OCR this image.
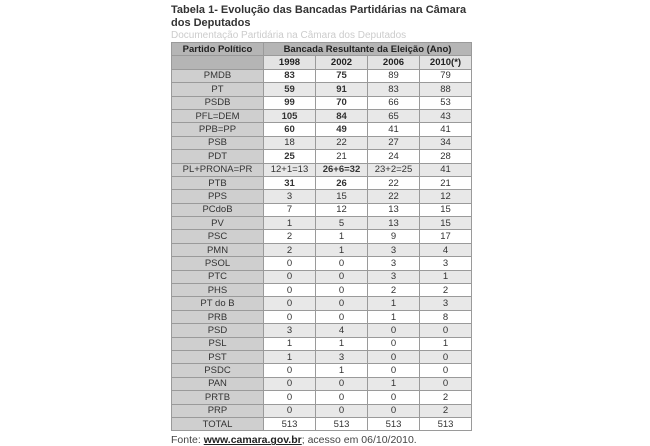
Tabela 1- Evolução das Bancadas Partidárias na Câmara dos Deputados
Documentação Partidária na Câmara dos Deputados
Partido Político	Bancada Resultante da Eleição (Ano)			
	1998	2002	2006	2010(*)
PMDB	83	75	89	79
PT	59	91	83	88
PSDB	99	70	66	53
PFL=DEM	105	84	65	43
PPB=PP	60	49	41	41
PSB	18	22	27	34
PDT	25	21	24	28
PL+PRONA=PR	12+1=13	26+6=32	23+2=25	41
PTB	31	26	22	21
PPS	3	15	22	12
PCdoB	7	12	13	15
PV	1	5	13	15
PSC	2	1	9	17
PMN	2	1	3	4
PSOL	0	0	3	3
PTC	0	0	3	1
PHS	0	0	2	2
PT do B	0	0	1	3
PRB	0	0	1	8
PSD	3	4	0	0
PSL	1	1	0	1
PST	1	3	0	0
PSDC	0	1	0	0
PAN	0	0	1	0
PRTB	0	0	0	2
PRP	0	0	0	2
TOTAL	513	513	513	513
Fonte: www.camara.gov.br; acesso em 06/10/2010.
